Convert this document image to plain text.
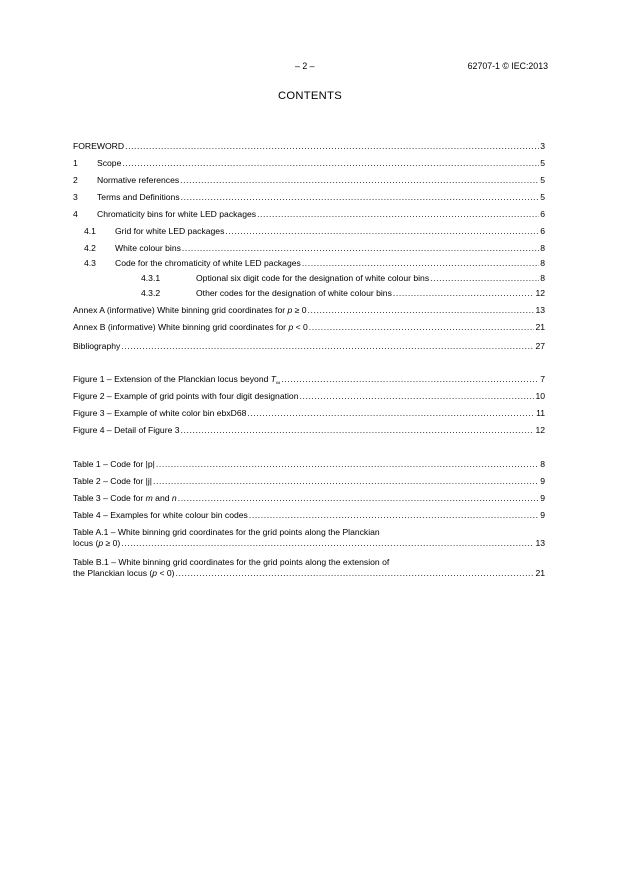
– 2 –	62707-1 © IEC:2013
CONTENTS
FOREWORD .....	3
1	Scope .....	5
2	Normative references .....	5
3	Terms and Definitions .....	5
4	Chromaticity bins for white LED packages .....	6
4.1	Grid for white LED packages .....	6
4.2	White colour bins .....	8
4.3	Code for the chromaticity of white LED packages .....	8
4.3.1	Optional six digit code for the designation of white colour bins .....	8
4.3.2	Other codes for the designation of white colour bins .....	12
Annex A (informative) White binning grid coordinates for p ≥ 0 .....	13
Annex B (informative) White binning grid coordinates for p < 0 .....	21
Bibliography .....	27
Figure 1 – Extension of the Planckian locus beyond $T_\infty$ .....	7
Figure 2 – Example of grid points with four digit designation .....	10
Figure 3 – Example of white color bin ebxD68 .....	11
Figure 4 – Detail of Figure 3 .....	12
Table 1 – Code for |p| .....	8
Table 2 – Code for |j| .....	9
Table 3 – Code for m and n .....	9
Table 4 – Examples for white colour bin codes .....	9
Table A.1 – White binning grid coordinates for the grid points along the Planckian
locus (p ≥ 0) .....	13
Table B.1 – White binning grid coordinates for the grid points along the extension of
the Planckian locus (p < 0) .....	21
